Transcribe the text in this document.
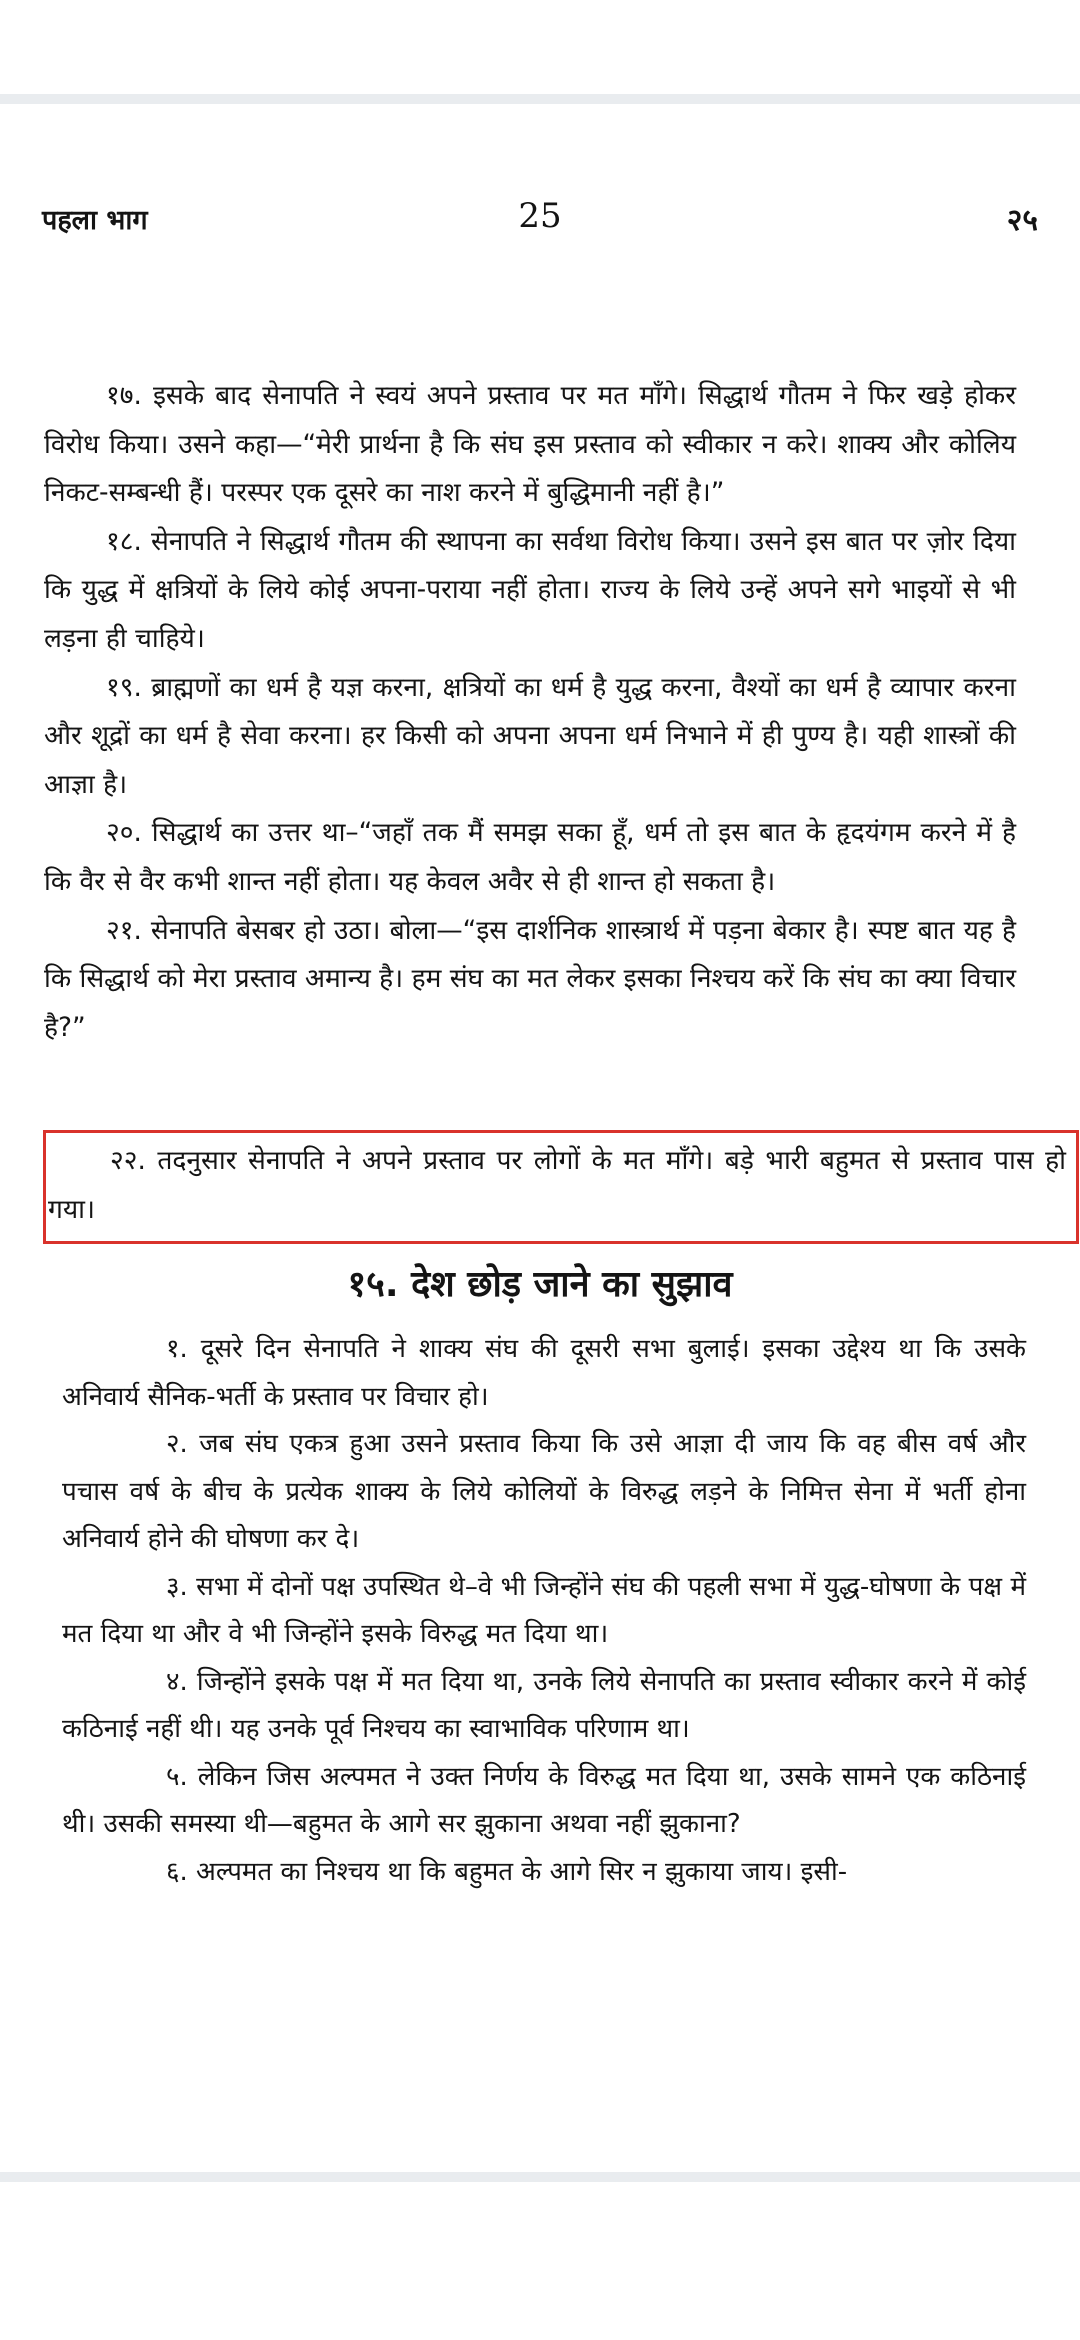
पहला भाग	25	२५

१७. इसके बाद सेनापति ने स्वयं अपने प्रस्ताव पर मत माँगे। सिद्धार्थ गौतम ने फिर खड़े होकर विरोध किया। उसने कहा—“मेरी प्रार्थना है कि संघ इस प्रस्ताव को स्वीकार न करे। शाक्य और कोलिय निकट-सम्बन्धी हैं। परस्पर एक दूसरे का नाश करने में बुद्धिमानी नहीं है।”

१८. सेनापति ने सिद्धार्थ गौतम की स्थापना का सर्वथा विरोध किया। उसने इस बात पर ज़ोर दिया कि युद्ध में क्षत्रियों के लिये कोई अपना-पराया नहीं होता। राज्य के लिये उन्हें अपने सगे भाइयों से भी लड़ना ही चाहिये।

१९. ब्राह्मणों का धर्म है यज्ञ करना, क्षत्रियों का धर्म है युद्ध करना, वैश्यों का धर्म है व्यापार करना और शूद्रों का धर्म है सेवा करना। हर किसी को अपना अपना धर्म निभाने में ही पुण्य है। यही शास्त्रों की आज्ञा है।

२०. सिद्धार्थ का उत्तर था–“जहाँ तक मैं समझ सका हूँ, धर्म तो इस बात के हृदयंगम करने में है कि वैर से वैर कभी शान्त नहीं होता। यह केवल अवैर से ही शान्त हो सकता है।

२१. सेनापति बेसबर हो उठा। बोला—“इस दार्शनिक शास्त्रार्थ में पड़ना बेकार है। स्पष्ट बात यह है कि सिद्धार्थ को मेरा प्रस्ताव अमान्य है। हम संघ का मत लेकर इसका निश्चय करें कि संघ का क्या विचार है?”

२२. तदनुसार सेनापति ने अपने प्रस्ताव पर लोगों के मत माँगे। बड़े भारी बहुमत से प्रस्ताव पास हो गया।

१५. देश छोड़ जाने का सुझाव

१. दूसरे दिन सेनापति ने शाक्य संघ की दूसरी सभा बुलाई। इसका उद्देश्य था कि उसके अनिवार्य सैनिक-भर्ती के प्रस्ताव पर विचार हो।

२. जब संघ एकत्र हुआ उसने प्रस्ताव किया कि उसे आज्ञा दी जाय कि वह बीस वर्ष और पचास वर्ष के बीच के प्रत्येक शाक्य के लिये कोलियों के विरुद्ध लड़ने के निमित्त सेना में भर्ती होना अनिवार्य होने की घोषणा कर दे।

३. सभा में दोनों पक्ष उपस्थित थे–वे भी जिन्होंने संघ की पहली सभा में युद्ध-घोषणा के पक्ष में मत दिया था और वे भी जिन्होंने इसके विरुद्ध मत दिया था।

४. जिन्होंने इसके पक्ष में मत दिया था, उनके लिये सेनापति का प्रस्ताव स्वीकार करने में कोई कठिनाई नहीं थी। यह उनके पूर्व निश्चय का स्वाभाविक परिणाम था।

५. लेकिन जिस अल्पमत ने उक्त निर्णय के विरुद्ध मत दिया था, उसके सामने एक कठिनाई थी। उसकी समस्या थी—बहुमत के आगे सर झुकाना अथवा नहीं झुकाना?

६. अल्पमत का निश्चय था कि बहुमत के आगे सिर न झुकाया जाय। इसी-
